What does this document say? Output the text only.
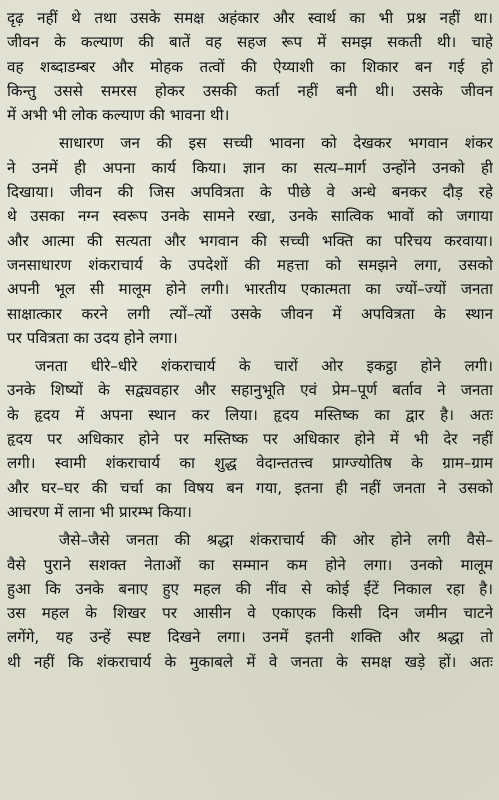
दृढ़ नहीं थे तथा उसके समक्ष अहंकार और स्वार्थ का भी प्रश्न नहीं था।
जीवन के कल्याण की बातें वह सहज रूप में समझ सकती थी। चाहे
वह शब्दाडम्बर और मोहक तत्वों की ऐय्याशी का शिकार बन गई हो
किन्तु उससे समरस होकर उसकी कर्ता नहीं बनी थी। उसके जीवन
में अभी भी लोक कल्याण की भावना थी।
साधारण जन की इस सच्ची भावना को देखकर भगवान शंकर
ने उनमें ही अपना कार्य किया। ज्ञान का सत्य–मार्ग उन्होंने उनको ही
दिखाया। जीवन की जिस अपवित्रता के पीछे वे अन्धे बनकर दौड़ रहे
थे उसका नग्न स्वरूप उनके सामने रखा, उनके सात्विक भावों को जगाया
और आत्मा की सत्यता और भगवान की सच्ची भक्ति का परिचय करवाया।
जनसाधारण शंकराचार्य के उपदेशों की महत्ता को समझने लगा, उसको
अपनी भूल सी मालूम होने लगी। भारतीय एकात्मता का ज्यों–ज्यों जनता
साक्षात्कार करने लगी त्यों–त्यों उसके जीवन में अपवित्रता के स्थान
पर पवित्रता का उदय होने लगा।
जनता धीरे–धीरे शंकराचार्य के चारों ओर इकट्ठा होने लगी।
उनके शिष्यों के सद्व्यवहार और सहानुभूति एवं प्रेम–पूर्ण बर्ताव ने जनता
के हृदय में अपना स्थान कर लिया। हृदय मस्तिष्क का द्वार है। अतः
हृदय पर अधिकार होने पर मस्तिष्क पर अधिकार होने में भी देर नहीं
लगी। स्वामी शंकराचार्य का शुद्ध वेदान्ततत्त्व प्राग्ज्योतिष के ग्राम–ग्राम
और घर–घर की चर्चा का विषय बन गया, इतना ही नहीं जनता ने उसको
आचरण में लाना भी प्रारम्भ किया।
जैसे–जैसे जनता की श्रद्धा शंकराचार्य की ओर होने लगी वैसे–
वैसे पुराने सशक्त नेताओं का सम्मान कम होने लगा। उनको मालूम
हुआ कि उनके बनाए हुए महल की नींव से कोई ईंटें निकाल रहा है।
उस महल के शिखर पर आसीन वे एकाएक किसी दिन जमीन चाटने
लगेंगे, यह उन्हें स्पष्ट दिखने लगा। उनमें इतनी शक्ति और श्रद्धा तो
थी नहीं कि शंकराचार्य के मुकाबले में वे जनता के समक्ष खड़े हों। अतः
